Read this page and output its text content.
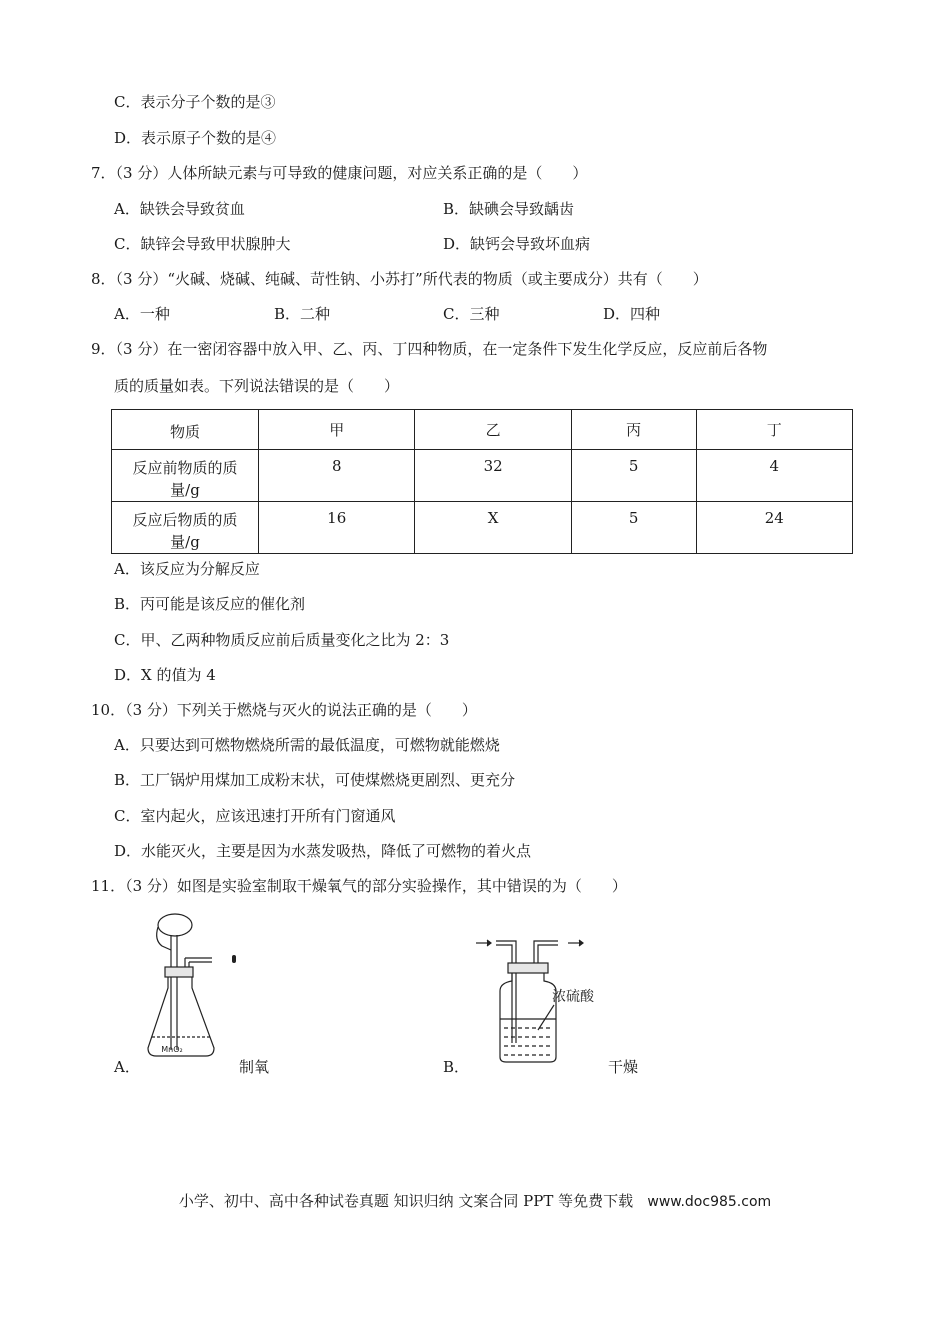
C．表示分子个数的是③
D．表示原子个数的是④
7．（3 分）人体所缺元素与可导致的健康问题，对应关系正确的是（　　）
A．缺铁会导致贫血	B．缺碘会导致龋齿
C．缺锌会导致甲状腺肿大	D．缺钙会导致坏血病
8．（3 分）“火碱、烧碱、纯碱、苛性钠、小苏打”所代表的物质（或主要成分）共有（　　）
A．一种	B．二种	C．三种	D．四种
9．（3 分）在一密闭容器中放入甲、乙、丙、丁四种物质，在一定条件下发生化学反应，反应前后各物
质的质量如表。下列说法错误的是（　　）
物质	甲	乙	丙	丁

反应前物质的质
量/g	8	32	5	4

反应后物质的质
量/g	16	X	5	24
A．该反应为分解反应
B．丙可能是该反应的催化剂
C．甲、乙两种物质反应前后质量变化之比为 2：3
D．X 的值为 4
10．（3 分）下列关于燃烧与灭火的说法正确的是（　　）
A．只要达到可燃物燃烧所需的最低温度，可燃物就能燃烧
B．工厂锅炉用煤加工成粉末状，可使煤燃烧更剧烈、更充分
C．室内起火，应该迅速打开所有门窗通风
D．水能灭火，主要是因为水蒸发吸热，降低了可燃物的着火点
11．（3 分）如图是实验室制取干燥氧气的部分实验操作，其中错误的为（　　）
MnO₂
A．	制氧
浓硫酸
B．	干燥
小学、初中、高中各种试卷真题 知识归纳 文案合同 PPT 等免费下载 www.doc985.com
